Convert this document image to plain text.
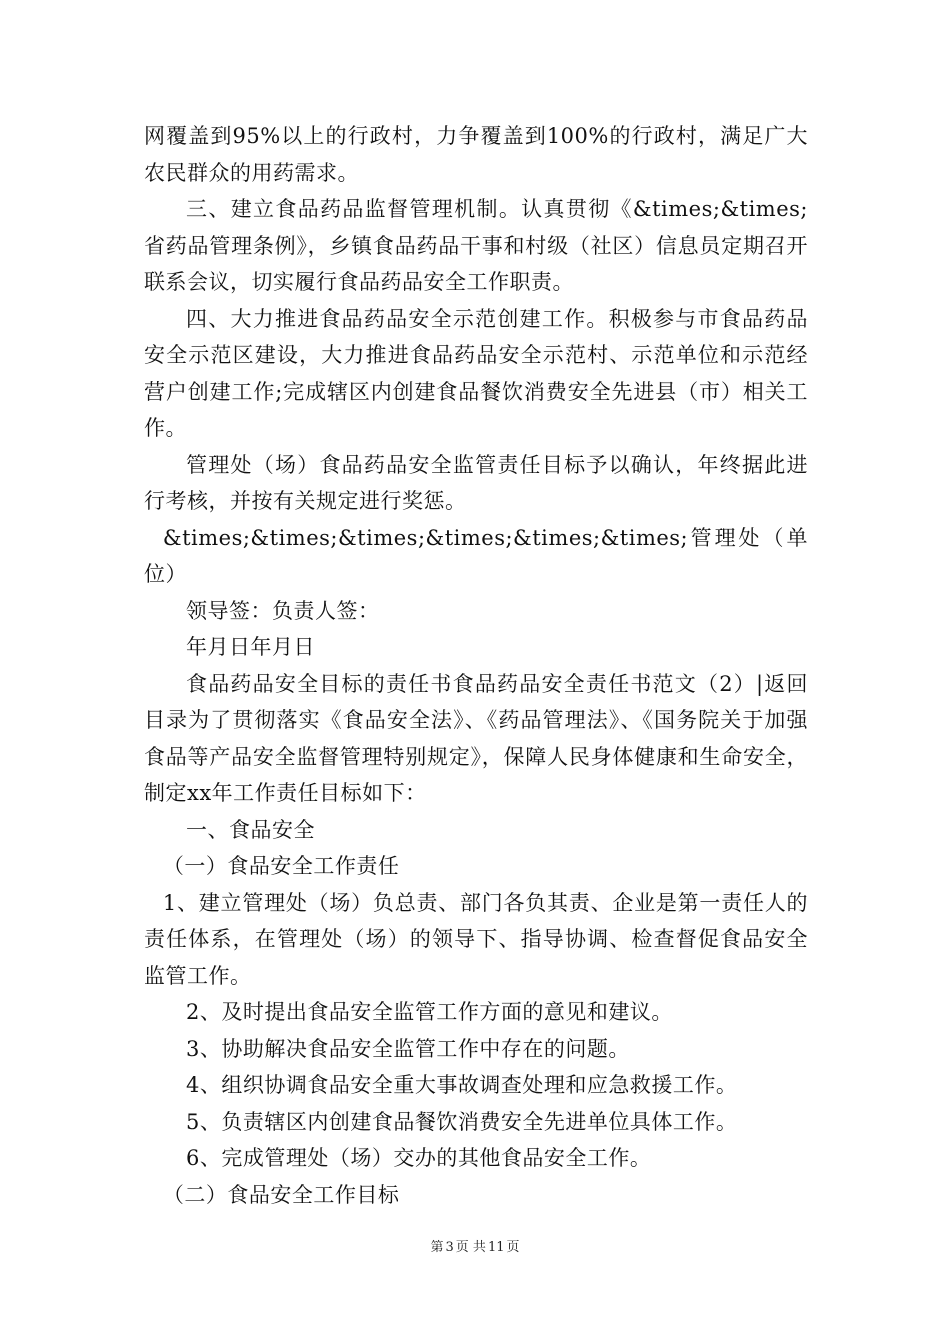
网覆盖到95%以上的行政村，力争覆盖到100%的行政村，满足广大农民群众的用药需求。

三、建立食品药品监督管理机制。认真贯彻《&times;&times;省药品管理条例》，乡镇食品药品干事和村级（社区）信息员定期召开联系会议，切实履行食品药品安全工作职责。

四、大力推进食品药品安全示范创建工作。积极参与市食品药品安全示范区建设，大力推进食品药品安全示范村、示范单位和示范经营户创建工作;完成辖区内创建食品餐饮消费安全先进县（市）相关工作。

管理处（场）食品药品安全监管责任目标予以确认，年终据此进行考核，并按有关规定进行奖惩。

&times;&times;&times;&times;&times;&times;管理处（单位）

领导签：负责人签：

年月日年月日

食品药品安全目标的责任书食品药品安全责任书范文（2）|返回目录为了贯彻落实《食品安全法》、《药品管理法》、《国务院关于加强食品等产品安全监督管理特别规定》，保障人民身体健康和生命安全，制定xx年工作责任目标如下：

一、食品安全

（一）食品安全工作责任

1、建立管理处（场）负总责、部门各负其责、企业是第一责任人的责任体系，在管理处（场）的领导下、指导协调、检查督促食品安全监管工作。

2、及时提出食品安全监管工作方面的意见和建议。

3、协助解决食品安全监管工作中存在的问题。

4、组织协调食品安全重大事故调查处理和应急救援工作。

5、负责辖区内创建食品餐饮消费安全先进单位具体工作。

6、完成管理处（场）交办的其他食品安全工作。

（二）食品安全工作目标

第 3 页 共 11 页
